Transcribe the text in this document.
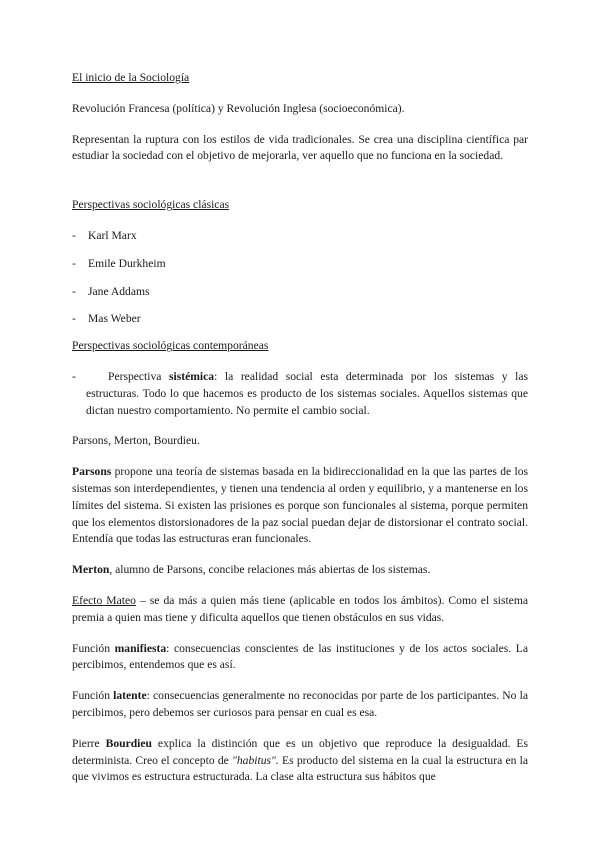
El inicio de la Sociología

Revolución Francesa (política) y Revolución Inglesa (socioeconómica).

Representan la ruptura con los estilos de vida tradicionales. Se crea una disciplina científica par estudiar la sociedad con el objetivo de mejorarla, ver aquello que no funciona en la sociedad.

Perspectivas sociológicas clásicas

-	Karl Marx
-	Emile Durkheim
-	Jane Addams
-	Mas Weber

Perspectivas sociológicas contemporáneas

-	Perspectiva sistémica: la realidad social esta determinada por los sistemas y las estructuras. Todo lo que hacemos es producto de los sistemas sociales. Aquellos sistemas que dictan nuestro comportamiento. No permite el cambio social.

Parsons, Merton, Bourdieu.

Parsons propone una teoría de sistemas basada en la bidireccionalidad en la que las partes de los sistemas son interdependientes, y tienen una tendencia al orden y equilibrio, y a mantenerse en los límites del sistema. Si existen las prisiones es porque son funcionales al sistema, porque permiten que los elementos distorsionadores de la paz social puedan dejar de distorsionar el contrato social. Entendía que todas las estructuras eran funcionales.

Merton, alumno de Parsons, concibe relaciones más abiertas de los sistemas.

Efecto Mateo – se da más a quien más tiene (aplicable en todos los ámbitos). Como el sistema premia a quien mas tiene y dificulta aquellos que tienen obstáculos en sus vidas.

Función manifiesta: consecuencias conscientes de las instituciones y de los actos sociales. La percibimos, entendemos que es así.

Función latente: consecuencias generalmente no reconocidas por parte de los participantes. No la percibimos, pero debemos ser curiosos para pensar en cual es esa.

Pierre Bourdieu explica la distinción que es un objetivo que reproduce la desigualdad. Es determinista. Creo el concepto de "habitus". Es producto del sistema en la cual la estructura en la que vivimos es estructura estructurada. La clase alta estructura sus hábitos que
